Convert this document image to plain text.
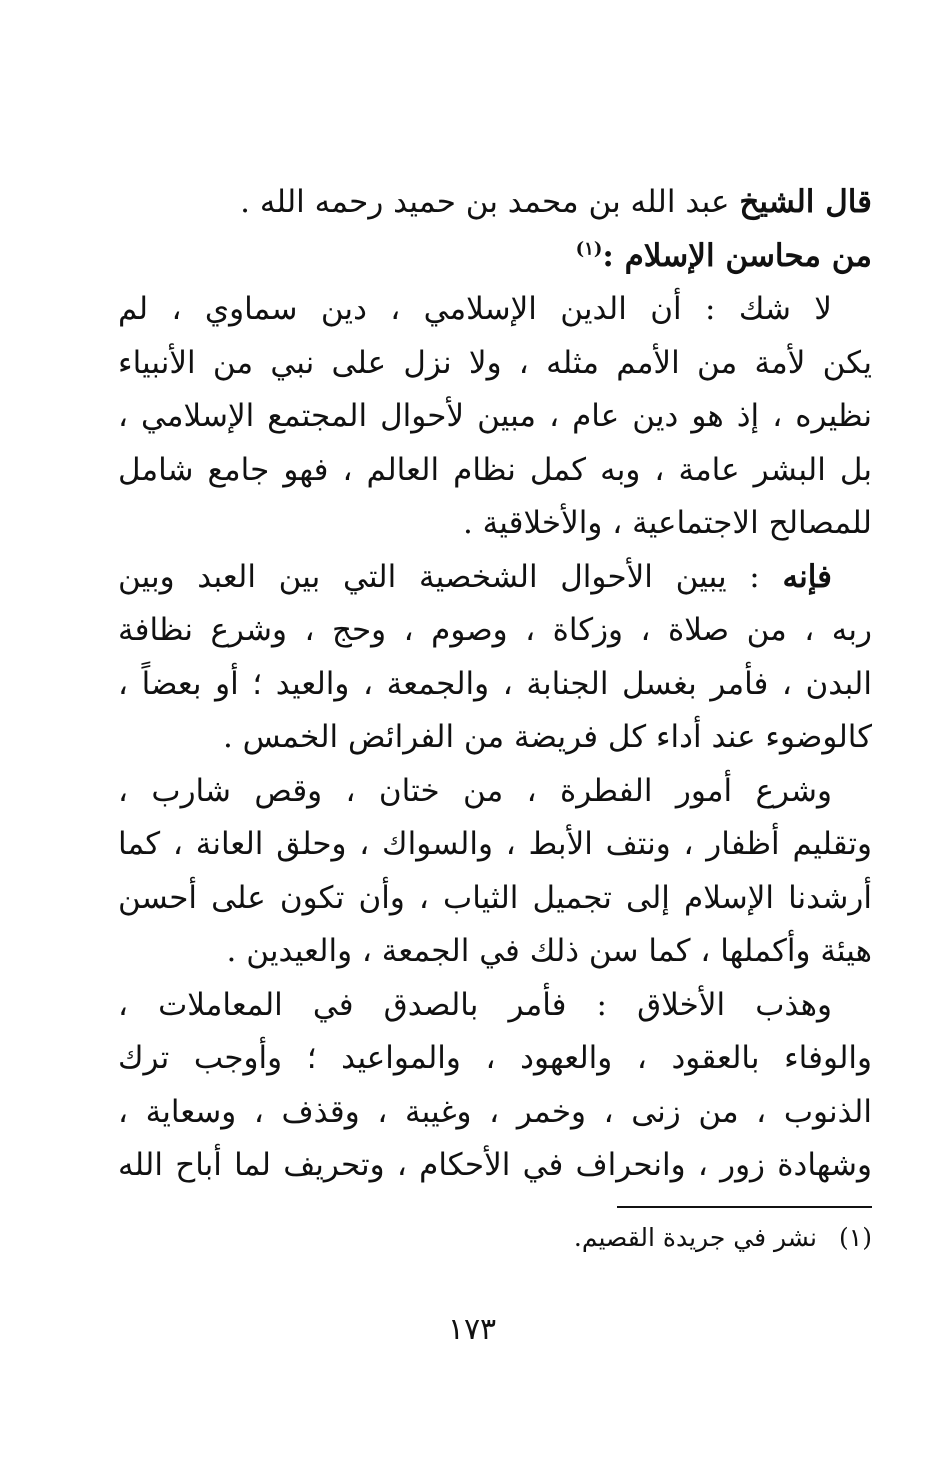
قال الشيخ عبد الله بن محمد بن حميد رحمه الله .
من محاسن الإسلام :$^{(١)}$
لا شك : أن الدين الإسلامي ، دين سماوي ، لم
يكن لأمة من الأمم مثله ، ولا نزل على نبي من الأنبياء
نظيره ، إذ هو دين عام ، مبين لأحوال المجتمع الإسلامي ،
بل البشر عامة ، وبه كمل نظام العالم ، فهو جامع شامل
للمصالح الاجتماعية ، والأخلاقية .
فإنه : يبين الأحوال الشخصية التي بين العبد وبين
ربه ، من صلاة ، وزكاة ، وصوم ، وحج ، وشرع نظافة
البدن ، فأمر بغسل الجنابة ، والجمعة ، والعيد ؛ أو بعضاً ،
كالوضوء عند أداء كل فريضة من الفرائض الخمس .
وشرع أمور الفطرة ، من ختان ، وقص شارب ،
وتقليم أظفار ، ونتف الأبط ، والسواك ، وحلق العانة ، كما
أرشدنا الإسلام إلى تجميل الثياب ، وأن تكون على أحسن
هيئة وأكملها ، كما سن ذلك في الجمعة ، والعيدين .
وهذب الأخلاق : فأمر بالصدق في المعاملات ،
والوفاء بالعقود ، والعهود ، والمواعيد ؛ وأوجب ترك
الذنوب ، من زنى ، وخمر ، وغيبة ، وقذف ، وسعاية ،
وشهادة زور ، وانحراف في الأحكام ، وتحريف لما أباح الله
(١)نشر في جريدة القصيم.
١٧٣
